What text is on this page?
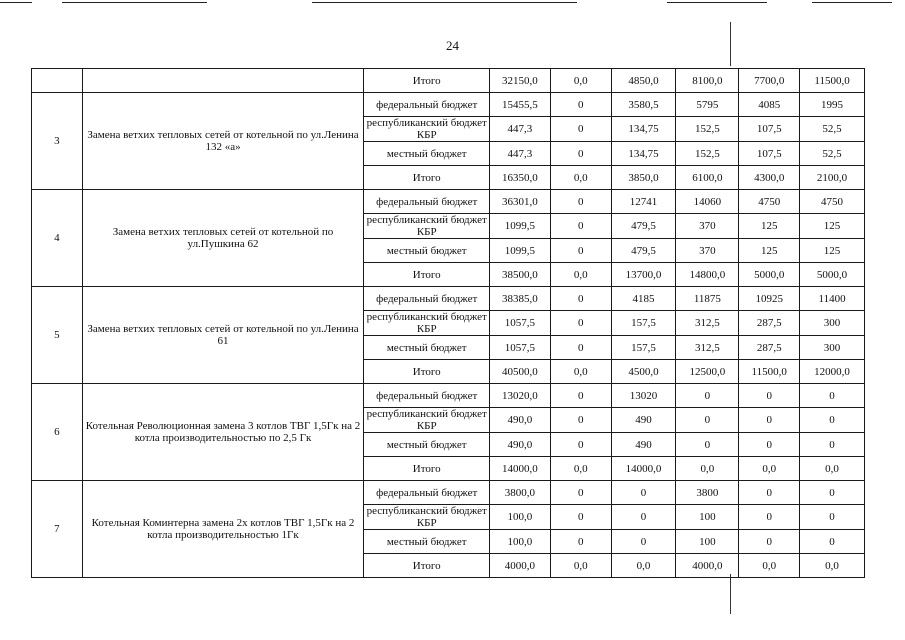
24
		Итого	32150,0	0,0	4850,0	8100,0	7700,0	11500,0
3	Замена ветхих тепловых сетей от котельной по ул.Ленина 132 «а»	федеральный бюджет	15455,5	0	3580,5	5795	4085	1995
		республиканский бюджет КБР	447,3	0	134,75	152,5	107,5	52,5
		местный бюджет	447,3	0	134,75	152,5	107,5	52,5
		Итого	16350,0	0,0	3850,0	6100,0	4300,0	2100,0
4	Замена ветхих тепловых сетей от котельной по ул.Пушкина 62	федеральный бюджет	36301,0	0	12741	14060	4750	4750
		республиканский бюджет КБР	1099,5	0	479,5	370	125	125
		местный бюджет	1099,5	0	479,5	370	125	125
		Итого	38500,0	0,0	13700,0	14800,0	5000,0	5000,0
5	Замена ветхих тепловых сетей от котельной по ул.Ленина 61	федеральный бюджет	38385,0	0	4185	11875	10925	11400
		республиканский бюджет КБР	1057,5	0	157,5	312,5	287,5	300
		местный бюджет	1057,5	0	157,5	312,5	287,5	300
		Итого	40500,0	0,0	4500,0	12500,0	11500,0	12000,0
6	Котельная Революционная замена 3 котлов ТВГ 1,5Гк на 2 котла производительностью по 2,5 Гк	федеральный бюджет	13020,0	0	13020	0	0	0
		республиканский бюджет КБР	490,0	0	490	0	0	0
		местный бюджет	490,0	0	490	0	0	0
		Итого	14000,0	0,0	14000,0	0,0	0,0	0,0
7	Котельная Коминтерна замена 2х котлов ТВГ 1,5Гк на 2 котла производительностью 1Гк	федеральный бюджет	3800,0	0	0	3800	0	0
		республиканский бюджет КБР	100,0	0	0	100	0	0
		местный бюджет	100,0	0	0	100	0	0
		Итого	4000,0	0,0	0,0	4000,0	0,0	0,0
